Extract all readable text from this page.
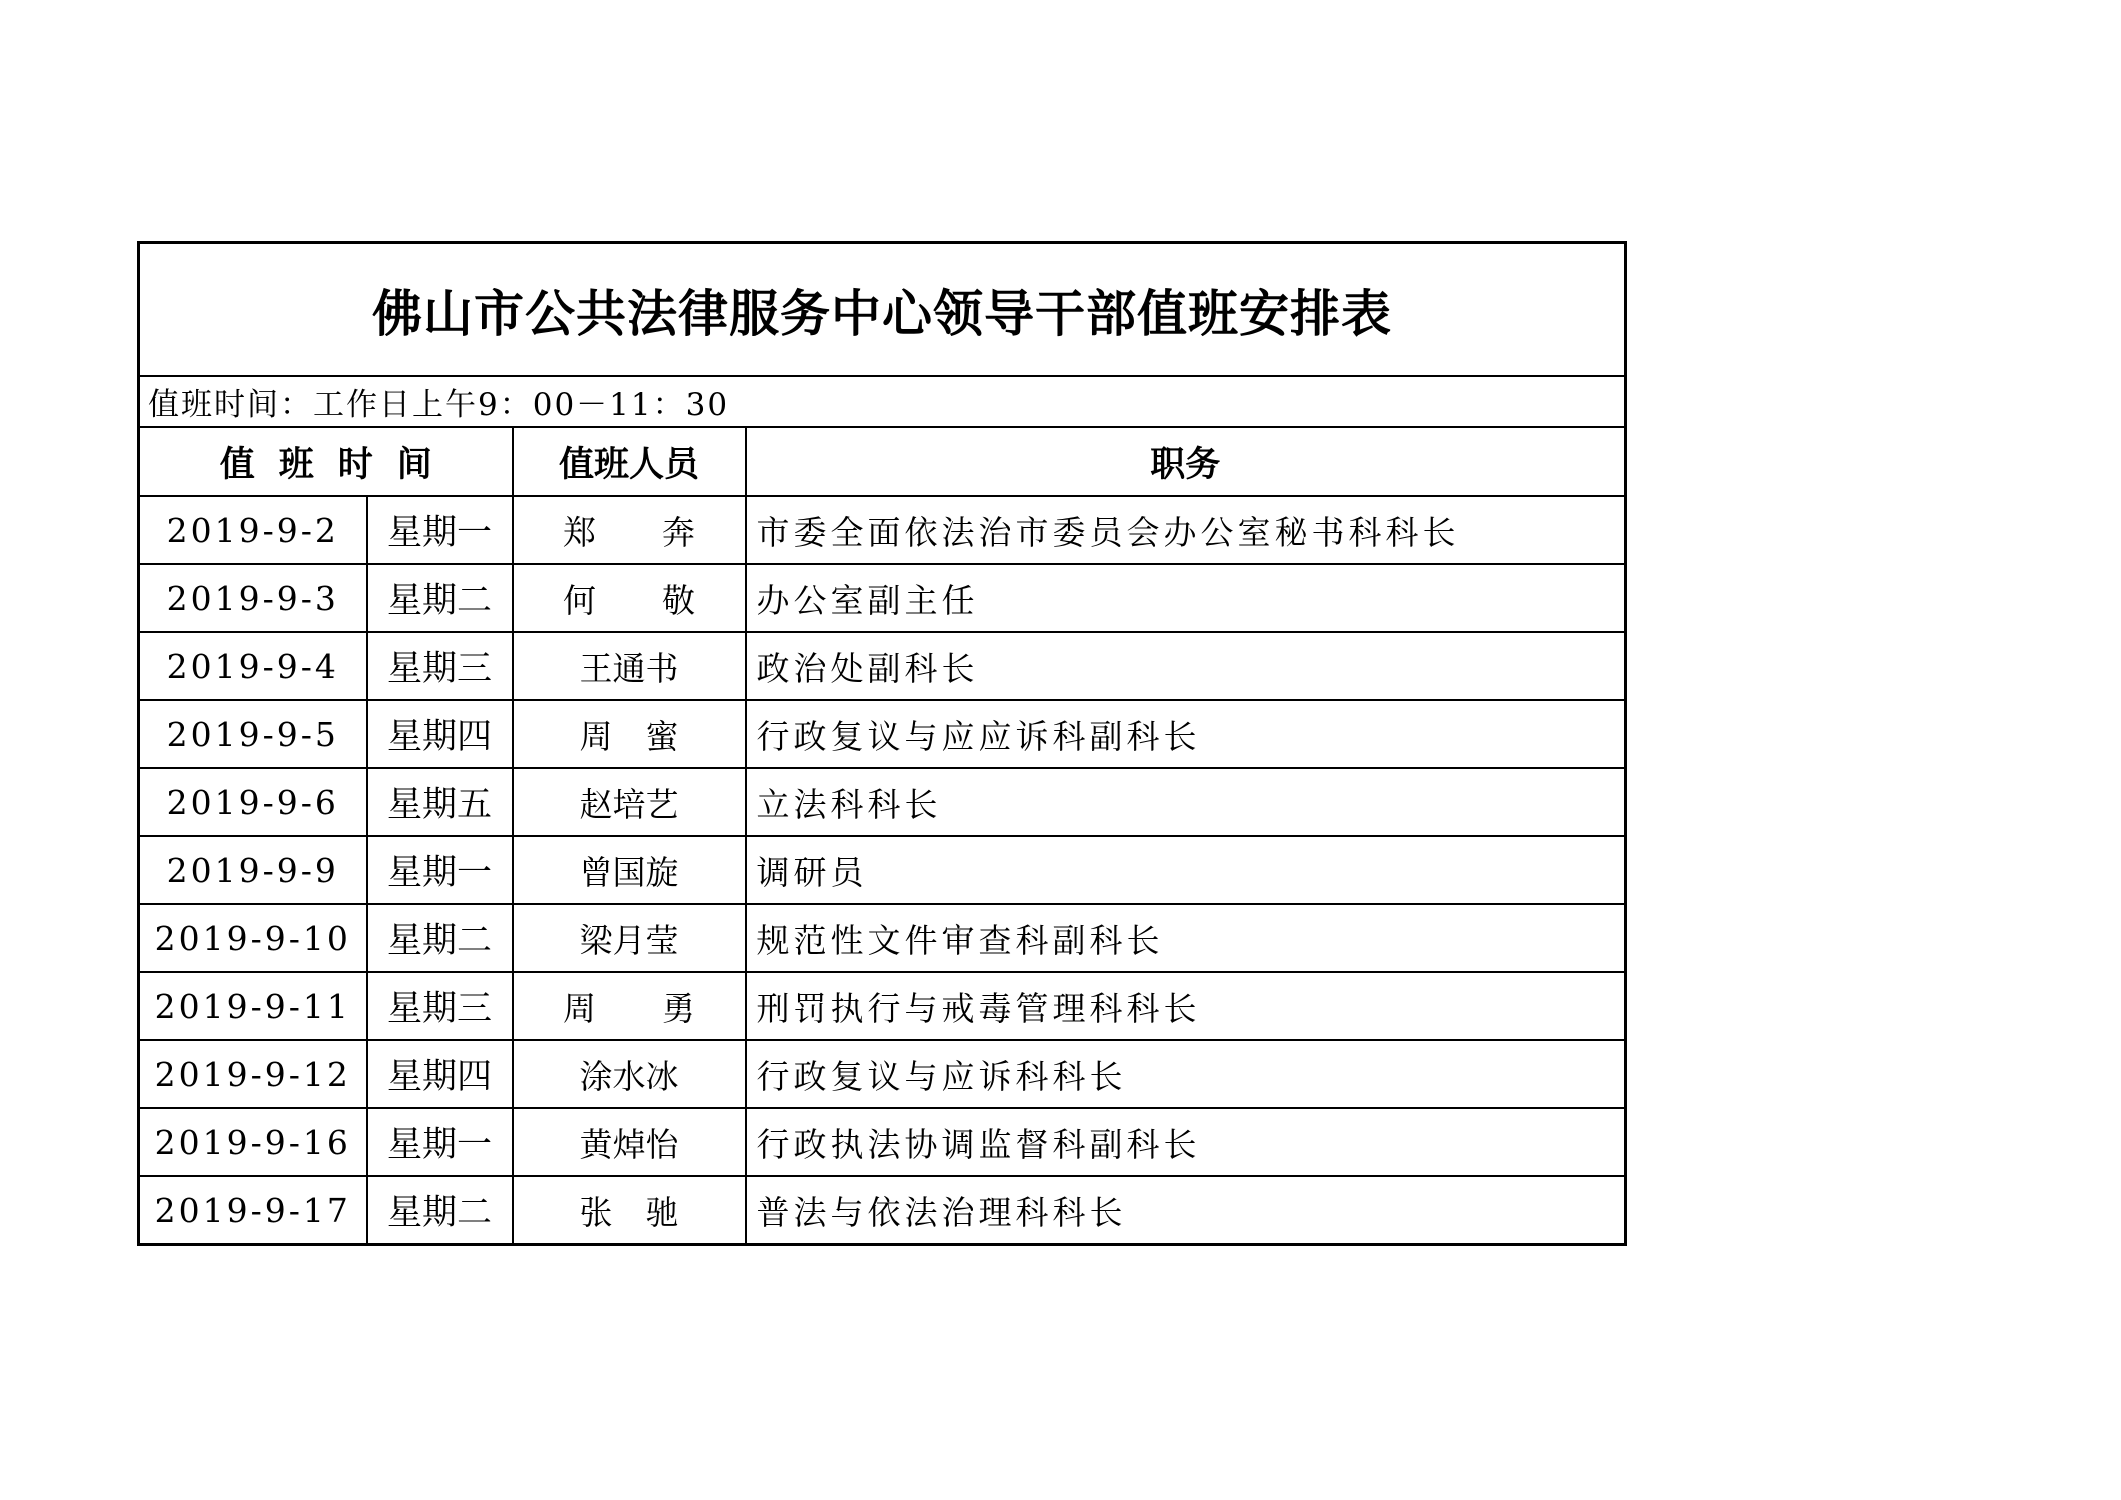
佛山市公共法律服务中心领导干部值班安排表			
值班时间：工作日上午9：00－11：30			
值班时间		值班人员	职务
2019-9-2	星期一	郑　　奔	市委全面依法治市委员会办公室秘书科科长
2019-9-3	星期二	何　　敬	办公室副主任
2019-9-4	星期三	王通书	政治处副科长
2019-9-5	星期四	周　蜜	行政复议与应应诉科副科长
2019-9-6	星期五	赵培艺	立法科科长
2019-9-9	星期一	曾国旋	调研员
2019-9-10	星期二	梁月莹	规范性文件审查科副科长
2019-9-11	星期三	周　　勇	刑罚执行与戒毒管理科科长
2019-9-12	星期四	涂水冰	行政复议与应诉科科长
2019-9-16	星期一	黄焯怡	行政执法协调监督科副科长
2019-9-17	星期二	张　驰	普法与依法治理科科长
